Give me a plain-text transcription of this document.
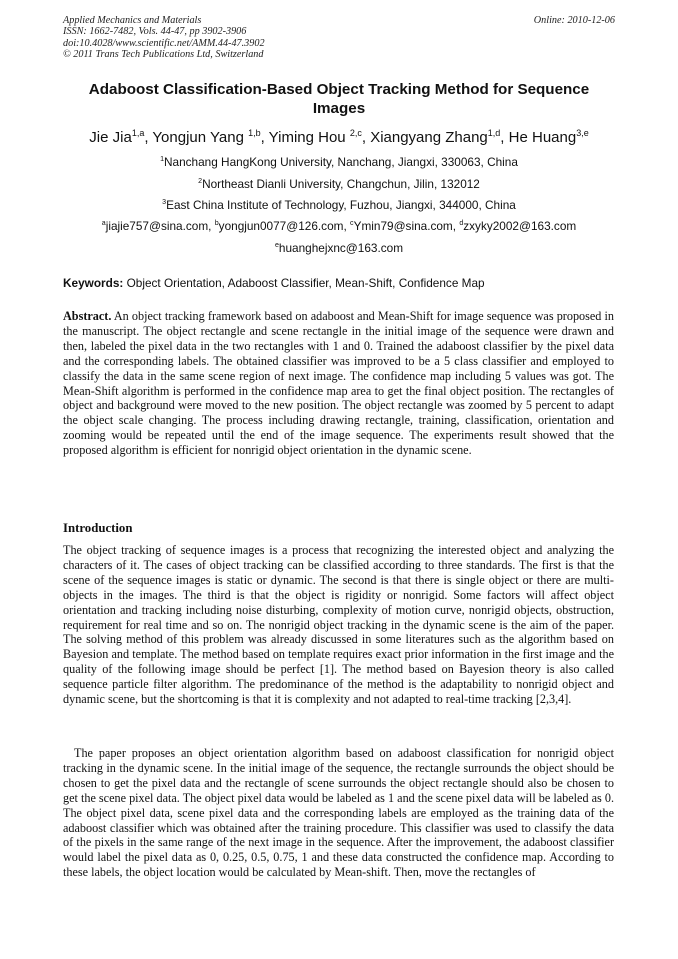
Applied Mechanics and Materials
ISSN: 1662-7482, Vols. 44-47, pp 3902-3906
doi:10.4028/www.scientific.net/AMM.44-47.3902
© 2011 Trans Tech Publications Ltd, Switzerland
Online: 2010-12-06
Adaboost Classification-Based Object Tracking Method for Sequence Images
Jie Jia$^{1,a}$, Yongjun Yang $^{1,b}$, Yiming Hou $^{2,c}$, Xiangyang Zhang$^{1,d}$, He Huang$^{3,e}$
$^1$Nanchang HangKong University, Nanchang, Jiangxi, 330063, China
$^2$Northeast Dianli University, Changchun, Jilin, 132012
$^3$East China Institute of Technology, Fuzhou, Jiangxi, 344000, China
$^a$jiajie757@sina.com, $^b$yongjun0077@126.com, $^c$Ymin79@sina.com, $^d$zxyky2002@163.com
$^e$huanghejxnc@163.com
Keywords: Object Orientation, Adaboost Classifier, Mean-Shift, Confidence Map
Abstract. An object tracking framework based on adaboost and Mean-Shift for image sequence was proposed in the manuscript. The object rectangle and scene rectangle in the initial image of the sequence were drawn and then, labeled the pixel data in the two rectangles with 1 and 0. Trained the adaboost classifier by the pixel data and the corresponding labels. The obtained classifier was improved to be a 5 class classifier and employed to classify the data in the same scene region of next image. The confidence map including 5 values was got. The Mean-Shift algorithm is performed in the confidence map area to get the final object position. The rectangles of object and background were moved to the new position. The object rectangle was zoomed by 5 percent to adapt the object scale changing. The process including drawing rectangle, training, classification, orientation and zooming would be repeated until the end of the image sequence. The experiments result showed that the proposed algorithm is efficient for nonrigid object orientation in the dynamic scene.
Introduction
The object tracking of sequence images is a process that recognizing the interested object and analyzing the characters of it. The cases of object tracking can be classified according to three standards. The first is that the scene of the sequence images is static or dynamic. The second is that there is single object or there are multi-objects in the images. The third is that the object is rigidity or nonrigid. Some factors will affect object orientation and tracking including noise disturbing, complexity of motion curve, nonrigid objects, obstruction, requirement for real time and so on. The nonrigid object tracking in the dynamic scene is the aim of the paper. The solving method of this problem was already discussed in some literatures such as the algorithm based on Bayesion and template. The method based on template requires exact prior information in the first image and the quality of the following image should be perfect [1]. The method based on Bayesion theory is also called sequence particle filter algorithm. The predominance of the method is the adaptability to nonrigid object and dynamic scene, but the shortcoming is that it is complexity and not adapted to real-time tracking [2,3,4].
The paper proposes an object orientation algorithm based on adaboost classification for nonrigid object tracking in the dynamic scene. In the initial image of the sequence, the rectangle surrounds the object should be chosen to get the pixel data and the rectangle of scene surrounds the object rectangle should also be chosen to get the scene pixel data. The object pixel data would be labeled as 1 and the scene pixel data will be labeled as 0. The object pixel data, scene pixel data and the corresponding labels are employed as the training data of the adaboost classifier which was obtained after the training procedure. This classifier was used to classify the data of the pixels in the same range of the next image in the sequence. After the improvement, the adaboost classifier would label the pixel data as 0, 0.25, 0.5, 0.75, 1 and these data constructed the confidence map. According to these labels, the object location would be calculated by Mean-shift. Then, move the rectangles of
